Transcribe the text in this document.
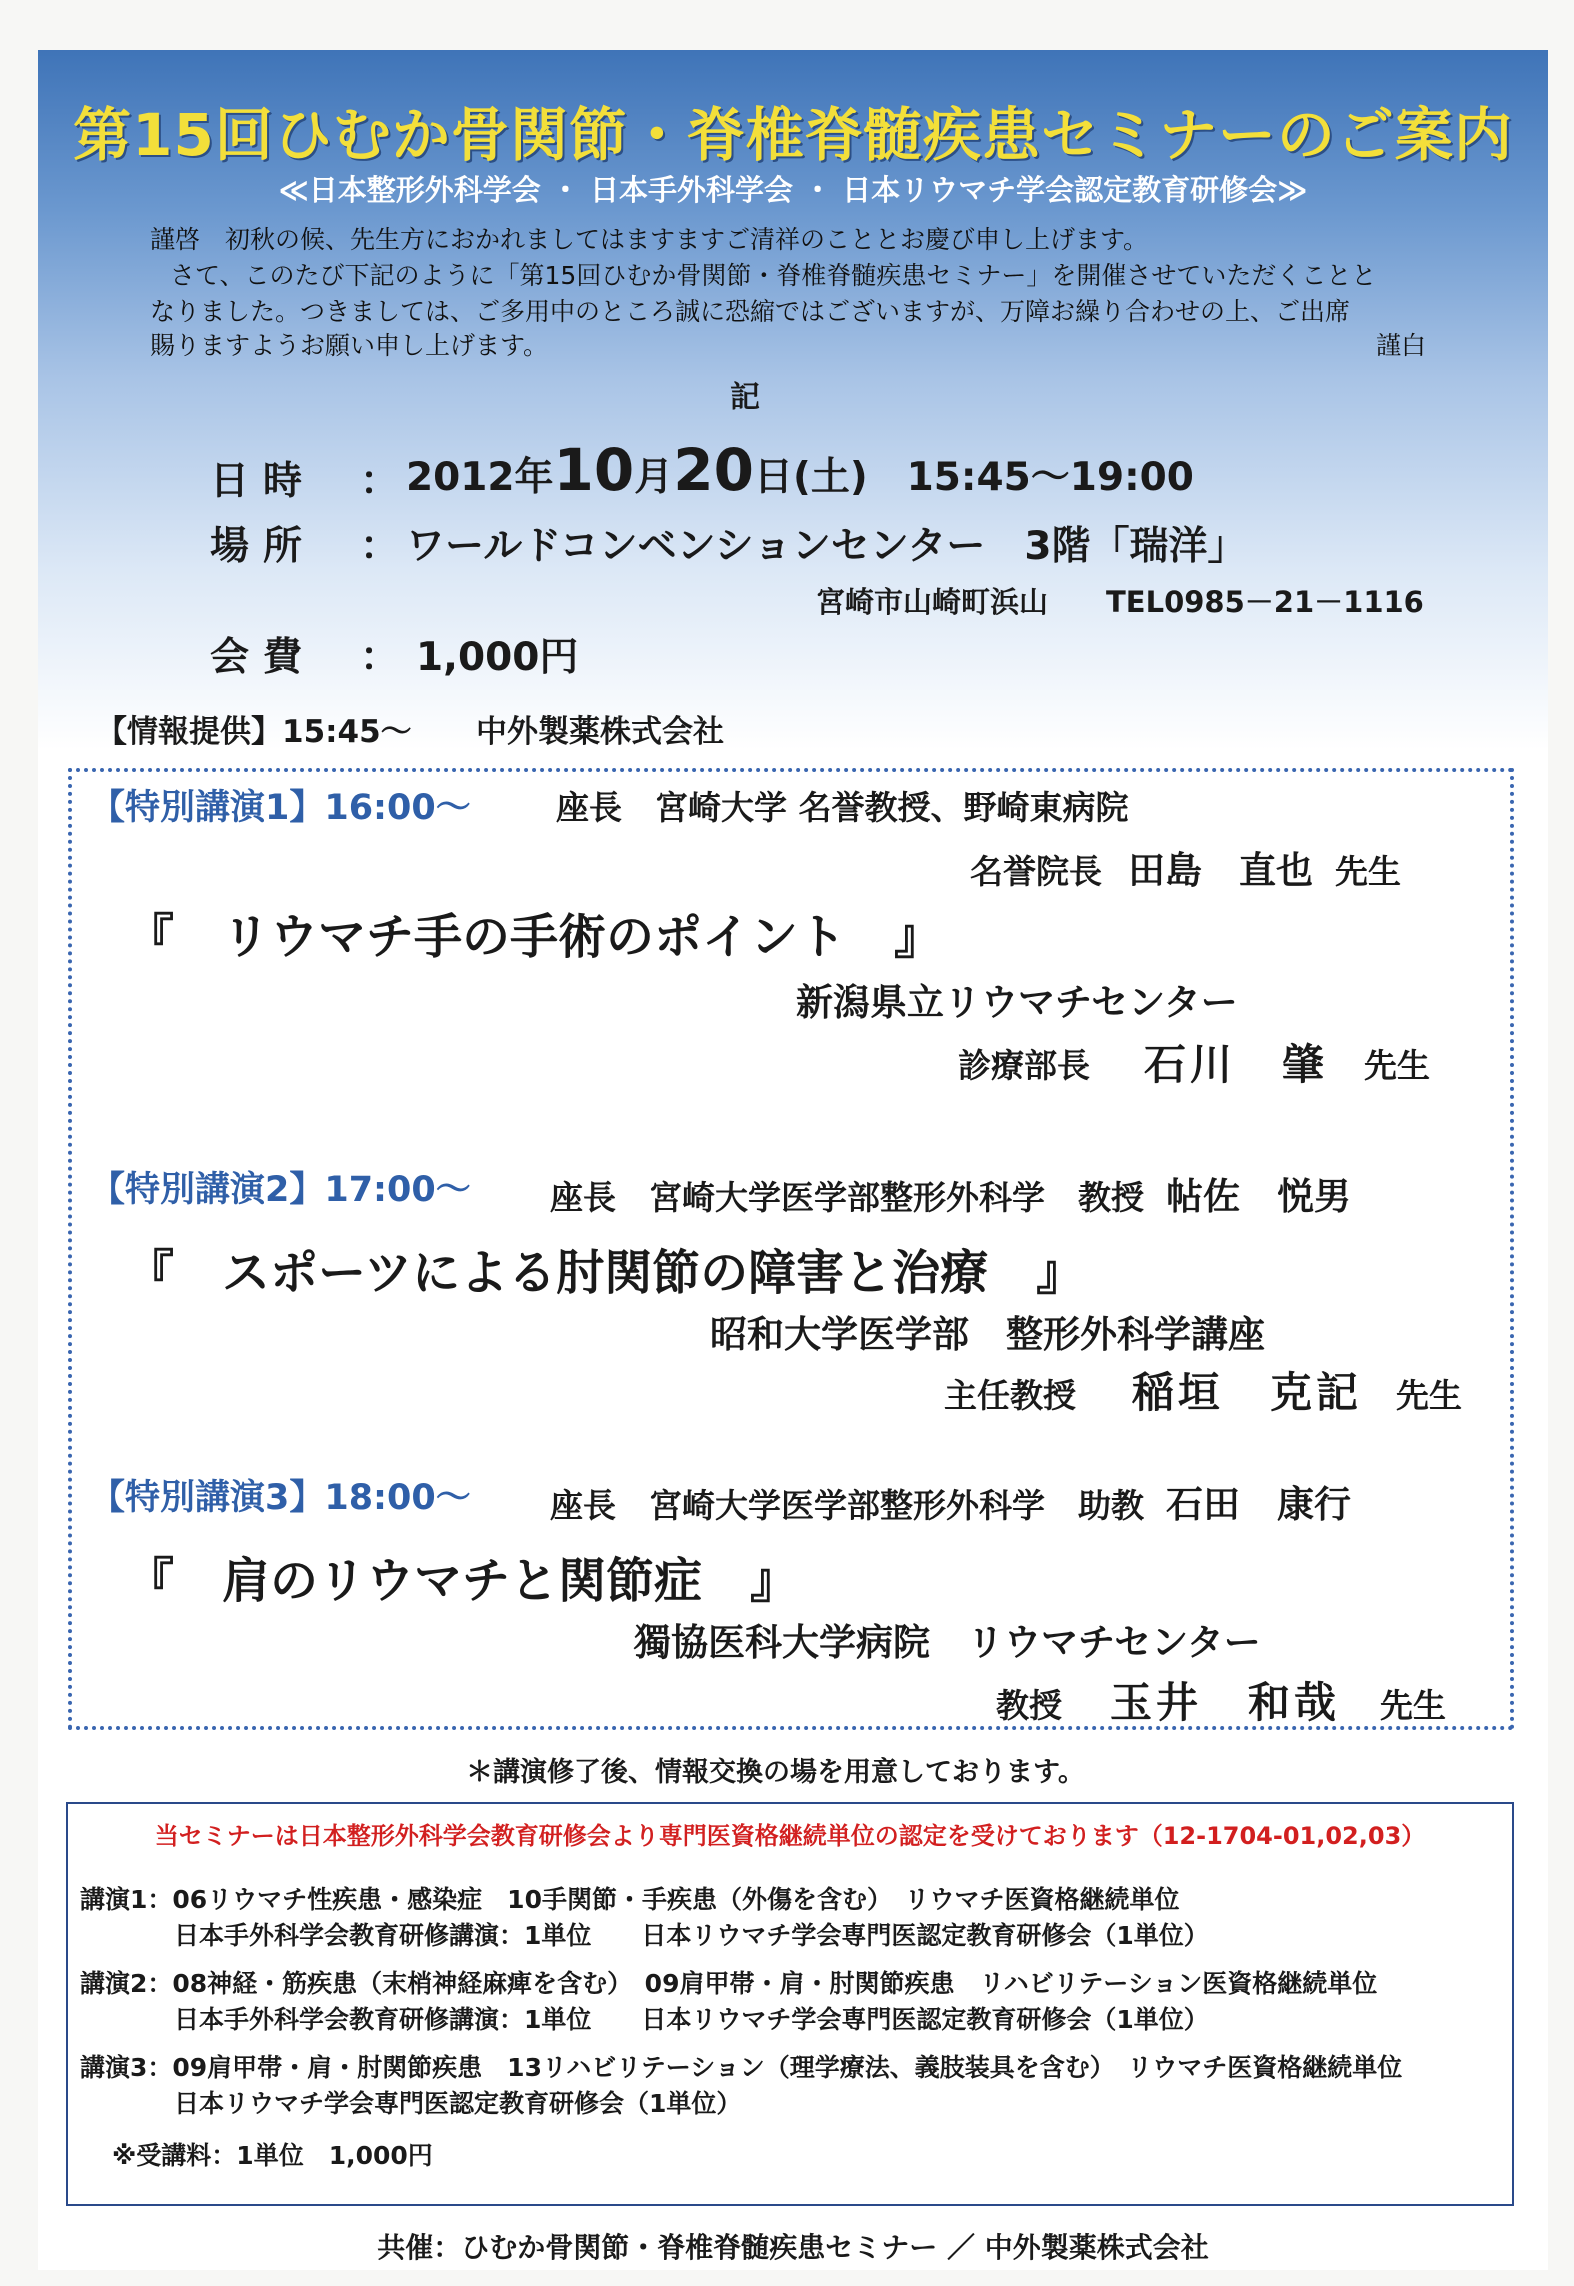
第15回ひむか骨関節・脊椎脊髄疾患セミナーのご案内
≪日本整形外科学会 ・ 日本手外科学会 ・ 日本リウマチ学会認定教育研修会≫
謹啓　初秋の候、先生方におかれましてはますますご清祥のこととお慶び申し上げます。
さて、このたび下記のように「第15回ひむか骨関節・脊椎脊髄疾患セミナー」を開催させていただくことと
なりました。つきましては、ご多用中のところ誠に恐縮ではございますが、万障お繰り合わせの上、ご出席
賜りますようお願い申し上げます。	謹白
記
日時 ： 2012年10月20日(土)　15:45～19:00
場所 ： ワールドコンベンションセンター　3階「瑞洋」
宮崎市山崎町浜山　　TEL0985－21－1116
会費 ： 1,000円
【情報提供】15:45～ 中外製薬株式会社
【特別講演1】16:00～	座長　宮崎大学 名誉教授、野崎東病院
名誉院長 田島　直也 先生
『　リウマチ手の手術のポイント　』
新潟県立リウマチセンター
診療部長 石川　肇 先生
【特別講演2】17:00～ 座長　宮崎大学医学部整形外科学　教授 帖佐　悦男
『　スポーツによる肘関節の障害と治療　』
昭和大学医学部　整形外科学講座
主任教授 稲垣　克記 先生
【特別講演3】18:00～ 座長　宮崎大学医学部整形外科学　助教 石田　康行
『　肩のリウマチと関節症　』
獨協医科大学病院　リウマチセンター
教授 玉井　和哉 先生
＊講演修了後、情報交換の場を用意しております。
当セミナーは日本整形外科学会教育研修会より専門医資格継続単位の認定を受けております（12-1704-01,02,03）
講演1：06リウマチ性疾患・感染症　10手関節・手疾患（外傷を含む）　リウマチ医資格継続単位
日本手外科学会教育研修講演：1単位　　日本リウマチ学会専門医認定教育研修会（1単位）
講演2：08神経・筋疾患（末梢神経麻痺を含む）　09肩甲帯・肩・肘関節疾患　リハビリテーション医資格継続単位
日本手外科学会教育研修講演：1単位　　日本リウマチ学会専門医認定教育研修会（1単位）
講演3：09肩甲帯・肩・肘関節疾患　13リハビリテーション（理学療法、義肢装具を含む）　リウマチ医資格継続単位
日本リウマチ学会専門医認定教育研修会（1単位）
※受講料：1単位　1,000円
共催：ひむか骨関節・脊椎脊髄疾患セミナー ／ 中外製薬株式会社
